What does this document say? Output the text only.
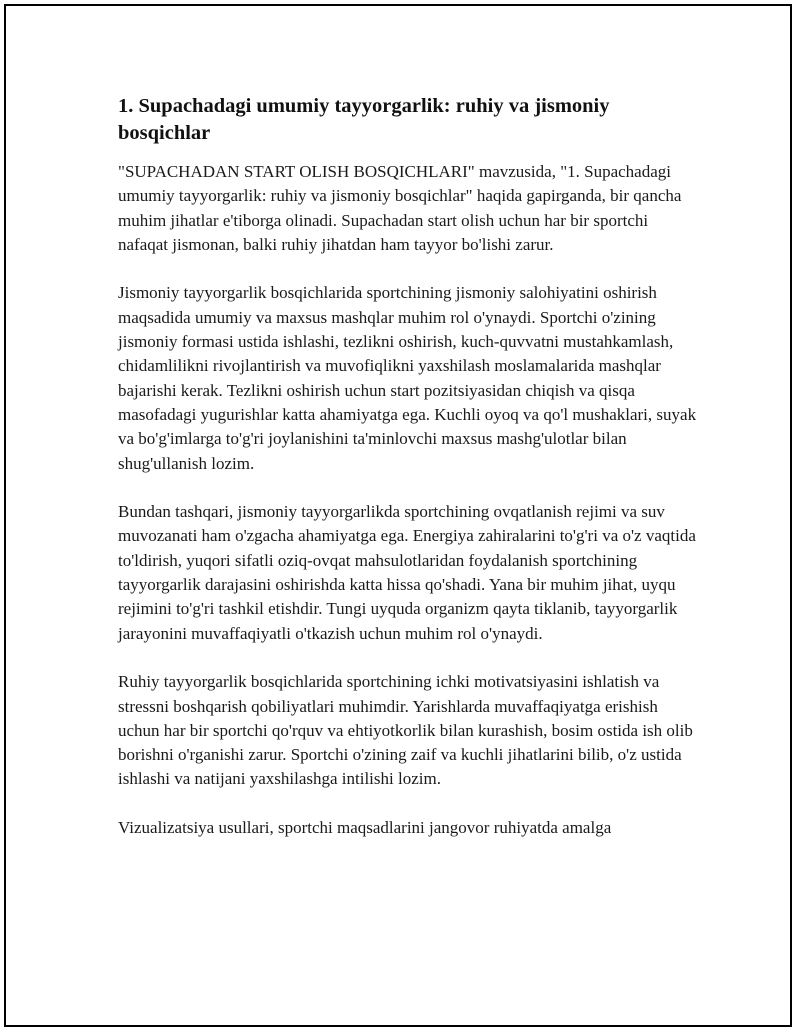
1. Supachadagi umumiy tayyorgarlik: ruhiy va jismoniy bosqichlar

"SUPACHADAN START OLISH BOSQICHLARI" mavzusida, "1. Supachadagi umumiy tayyorgarlik: ruhiy va jismoniy bosqichlar" haqida gapirganda, bir qancha muhim jihatlar e'tiborga olinadi. Supachadan start olish uchun har bir sportchi nafaqat jismonan, balki ruhiy jihatdan ham tayyor bo'lishi zarur.

Jismoniy tayyorgarlik bosqichlarida sportchining jismoniy salohiyatini oshirish maqsadida umumiy va maxsus mashqlar muhim rol o'ynaydi. Sportchi o'zining jismoniy formasi ustida ishlashi, tezlikni oshirish, kuch-quvvatni mustahkamlash, chidamlilikni rivojlantirish va muvofiqlikni yaxshilash moslamalarida mashqlar bajarishi kerak. Tezlikni oshirish uchun start pozitsiyasidan chiqish va qisqa masofadagi yugurishlar katta ahamiyatga ega. Kuchli oyoq va qo'l mushaklari, suyak va bo'g'imlarga to'g'ri joylanishini ta'minlovchi maxsus mashg'ulotlar bilan shug'ullanish lozim.

Bundan tashqari, jismoniy tayyorgarlikda sportchining ovqatlanish rejimi va suv muvozanati ham o'zgacha ahamiyatga ega. Energiya zahiralarini to'g'ri va o'z vaqtida to'ldirish, yuqori sifatli oziq-ovqat mahsulotlaridan foydalanish sportchining tayyorgarlik darajasini oshirishda katta hissa qo'shadi. Yana bir muhim jihat, uyqu rejimini to'g'ri tashkil etishdir. Tungi uyquda organizm qayta tiklanib, tayyorgarlik jarayonini muvaffaqiyatli o'tkazish uchun muhim rol o'ynaydi.

Ruhiy tayyorgarlik bosqichlarida sportchining ichki motivatsiyasini ishlatish va stressni boshqarish qobiliyatlari muhimdir. Yarishlarda muvaffaqiyatga erishish uchun har bir sportchi qo'rquv va ehtiyotkorlik bilan kurashish, bosim ostida ish olib borishni o'rganishi zarur. Sportchi o'zining zaif va kuchli jihatlarini bilib, o'z ustida ishlashi va natijani yaxshilashga intilishi lozim.

Vizualizatsiya usullari, sportchi maqsadlarini jangovor ruhiyatda amalga
